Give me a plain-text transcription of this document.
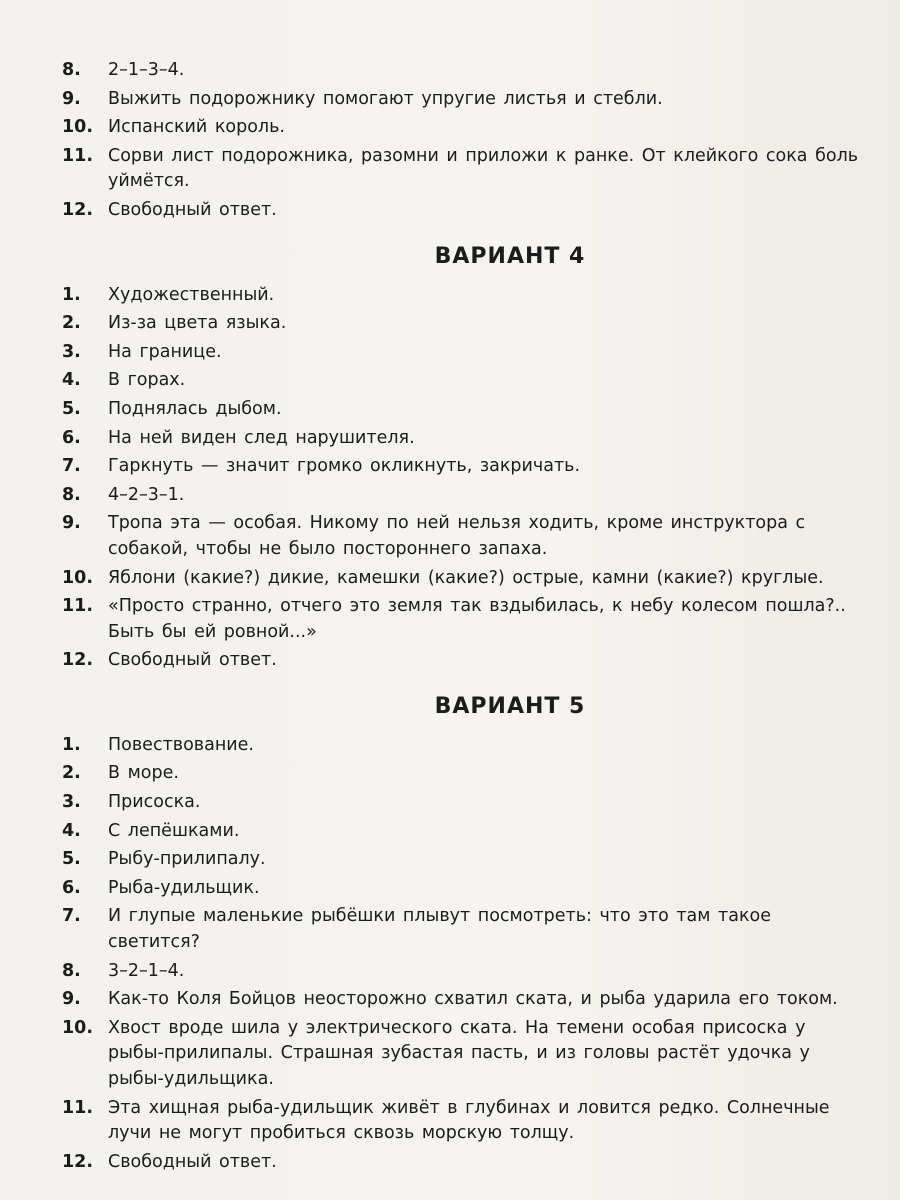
8.	2–1–3–4.
9.	Выжить подорожнику помогают упругие листья и стебли.
10. Испанский король.
11. Сорви лист подорожника, разомни и приложи к ранке. От клейкого сока боль уймётся.
12. Свободный ответ.
ВАРИАНТ 4
1.	Художественный.
2.	Из-за цвета языка.
3.	На границе.
4.	В горах.
5.	Поднялась дыбом.
6.	На ней виден след нарушителя.
7.	Гаркнуть — значит громко окликнуть, закричать.
8.	4–2–3–1.
9.	Тропа эта — особая. Никому по ней нельзя ходить, кроме инструктора с собакой, чтобы не было постороннего запаха.
10. Яблони (какие?) дикие, камешки (какие?) острые, камни (какие?) круглые.
11. «Просто странно, отчего это земля так вздыбилась, к небу колесом пошла?.. Быть бы ей ровной...»
12. Свободный ответ.
ВАРИАНТ 5
1.	Повествование.
2.	В море.
3.	Присоска.
4.	С лепёшками.
5.	Рыбу-прилипалу.
6.	Рыба-удильщик.
7.	И глупые маленькие рыбёшки плывут посмотреть: что это там такое светится?
8.	3–2–1–4.
9.	Как-то Коля Бойцов неосторожно схватил ската, и рыба ударила его током.
10. Хвост вроде шила у электрического ската. На темени особая присоска у рыбы-прилипалы. Страшная зубастая пасть, и из головы растёт удочка у рыбы-удильщика.
11. Эта хищная рыба-удильщик живёт в глубинах и ловится редко. Солнечные лучи не могут пробиться сквозь морскую толщу.
12. Свободный ответ.
